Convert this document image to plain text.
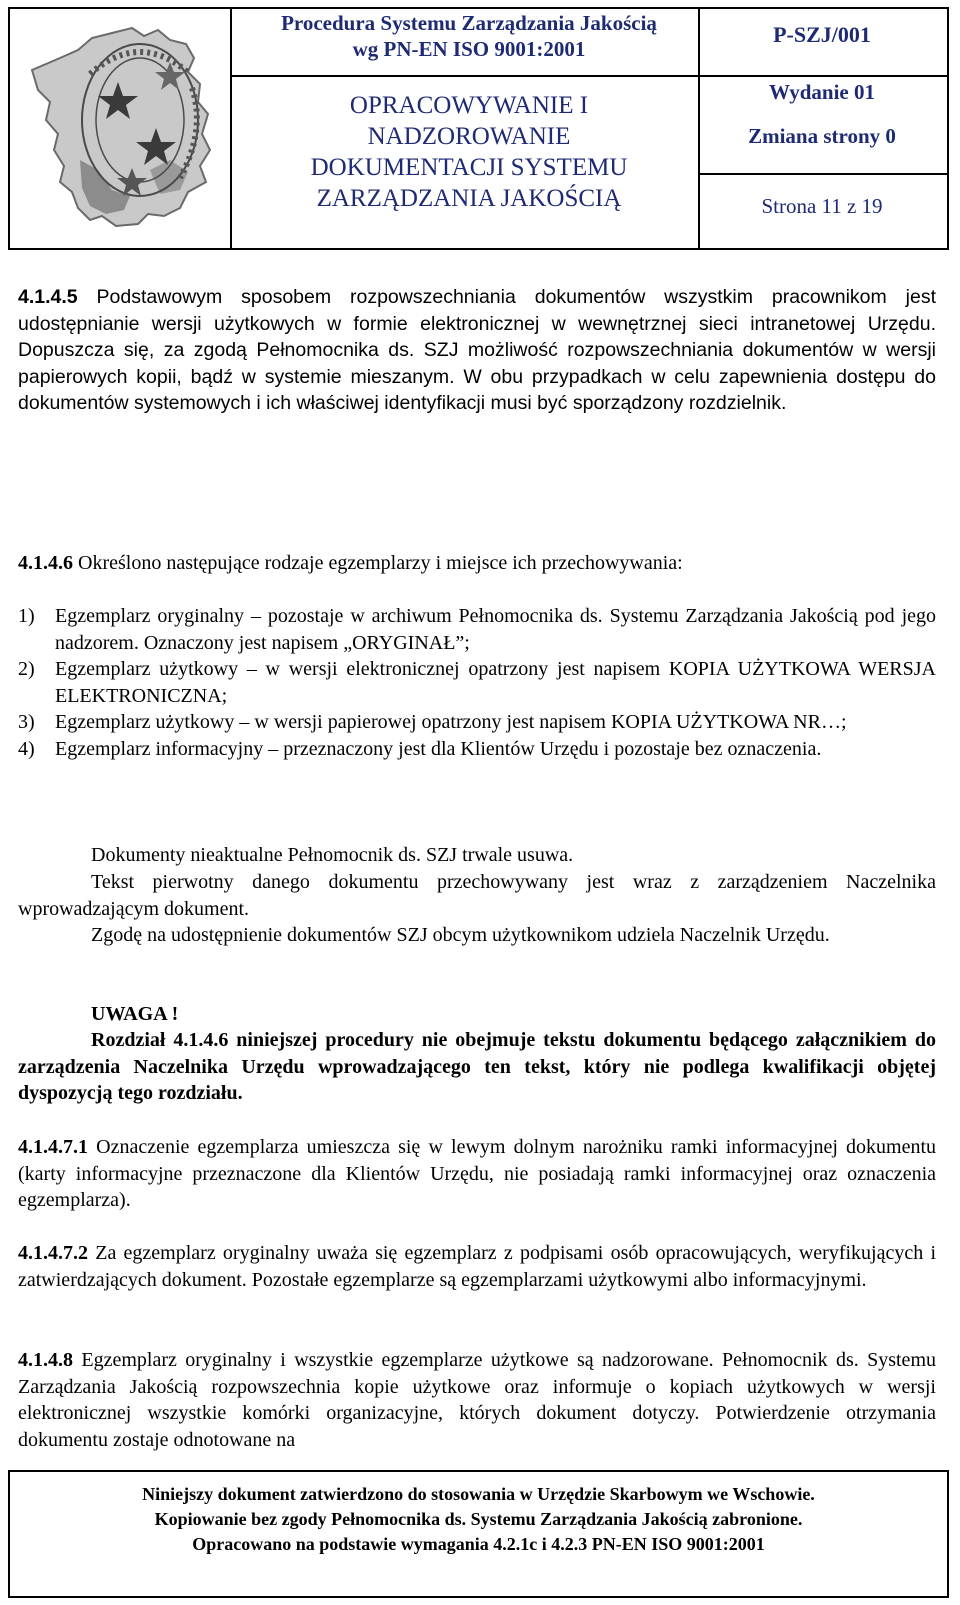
Procedura Systemu Zarządzania Jakością
wg PN-EN ISO 9001:2001
OPRACOWYWANIE I
NADZOROWANIE
DOKUMENTACJI SYSTEMU
ZARZĄDZANIA JAKOŚCIĄ
P-SZJ/001
Wydanie 01
Zmiana strony 0
Strona 11 z 19
4.1.4.5 Podstawowym sposobem rozpowszechniania dokumentów wszystkim pracownikom jest udostępnianie wersji użytkowych w formie elektronicznej w wewnętrznej sieci intranetowej Urzędu. Dopuszcza się, za zgodą Pełnomocnika ds. SZJ możliwość rozpowszechniania dokumentów w wersji papierowych kopii, bądź w systemie mieszanym. W obu przypadkach w celu zapewnienia dostępu do dokumentów systemowych i ich właściwej identyfikacji musi być sporządzony rozdzielnik.
4.1.4.6 Określono następujące rodzaje egzemplarzy i miejsce ich przechowywania:
1)	Egzemplarz oryginalny – pozostaje w archiwum Pełnomocnika ds. Systemu Zarządzania Jakością pod jego nadzorem. Oznaczony jest napisem „ORYGINAŁ”;
2)	Egzemplarz użytkowy – w wersji elektronicznej opatrzony jest napisem KOPIA UŻYTKOWA WERSJA ELEKTRONICZNA;
3)	Egzemplarz użytkowy – w wersji papierowej opatrzony jest napisem KOPIA UŻYTKOWA NR…;
4)	Egzemplarz informacyjny – przeznaczony jest dla Klientów Urzędu i pozostaje bez oznaczenia.
Dokumenty nieaktualne Pełnomocnik ds. SZJ trwale usuwa.
Tekst pierwotny danego dokumentu przechowywany jest wraz z zarządzeniem Naczelnika wprowadzającym dokument.
Zgodę na udostępnienie dokumentów SZJ obcym użytkownikom udziela Naczelnik Urzędu.
UWAGA !
Rozdział 4.1.4.6 niniejszej procedury nie obejmuje tekstu dokumentu będącego załącznikiem do zarządzenia Naczelnika Urzędu wprowadzającego ten tekst, który nie podlega kwalifikacji objętej dyspozycją tego rozdziału.
4.1.4.7.1 Oznaczenie egzemplarza umieszcza się w lewym dolnym narożniku ramki informacyjnej dokumentu (karty informacyjne przeznaczone dla Klientów Urzędu, nie posiadają ramki informacyjnej oraz oznaczenia egzemplarza).
4.1.4.7.2 Za egzemplarz oryginalny uważa się egzemplarz z podpisami osób opracowujących, weryfikujących i zatwierdzających dokument. Pozostałe egzemplarze są egzemplarzami użytkowymi albo informacyjnymi.
4.1.4.8 Egzemplarz oryginalny i wszystkie egzemplarze użytkowe są nadzorowane. Pełnomocnik ds. Systemu Zarządzania Jakością rozpowszechnia kopie użytkowe oraz informuje o kopiach użytkowych w wersji elektronicznej wszystkie komórki organizacyjne, których dokument dotyczy. Potwierdzenie otrzymania dokumentu zostaje odnotowane na
Niniejszy dokument zatwierdzono do stosowania w Urzędzie Skarbowym we Wschowie.
Kopiowanie bez zgody Pełnomocnika ds. Systemu Zarządzania Jakością zabronione.
Opracowano na podstawie wymagania 4.2.1c i 4.2.3 PN-EN ISO 9001:2001
